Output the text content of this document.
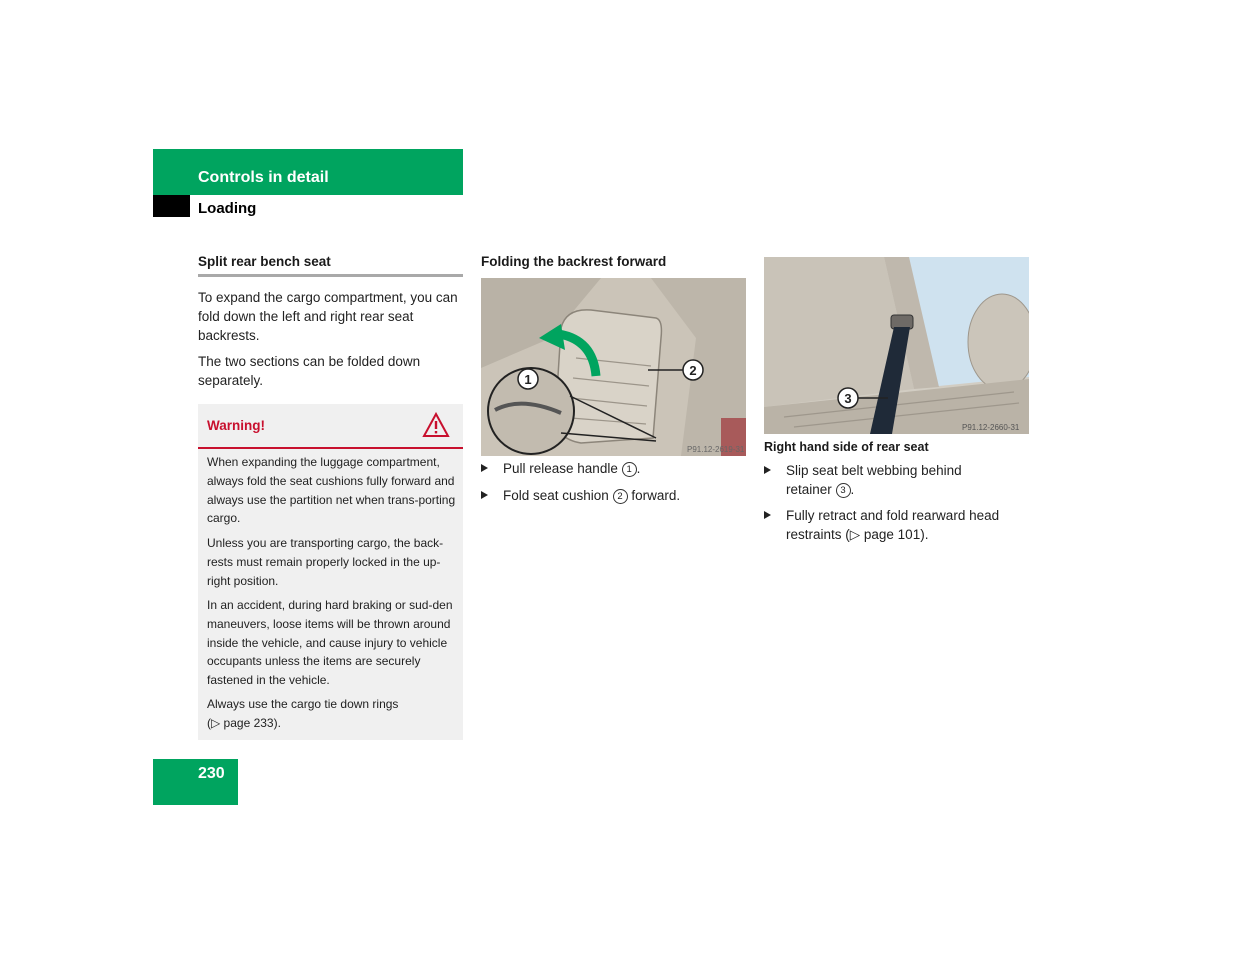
Controls in detail
Loading
Split rear bench seat
To expand the cargo compartment, you can fold down the left and right rear seat backrests.
The two sections can be folded down separately.
Warning!
When expanding the luggage compartment, always fold the seat cushions fully forward and always use the partition net when trans-porting cargo.
Unless you are transporting cargo, the back-rests must remain properly locked in the up-right position.
In an accident, during hard braking or sud-den maneuvers, loose items will be thrown around inside the vehicle, and cause injury to vehicle occupants unless the items are securely fastened in the vehicle.
Always use the cargo tie down rings
(▷ page 233).
Folding the backrest forward
1
2
P91.12-2619-31
Pull release handle 1 .
Fold seat cushion 2 forward.
3
P91.12-2660-31
Right hand side of rear seat
Slip seat belt webbing behind
retainer 3 .
Fully retract and fold rearward head
restraints (▷ page 101).
230
